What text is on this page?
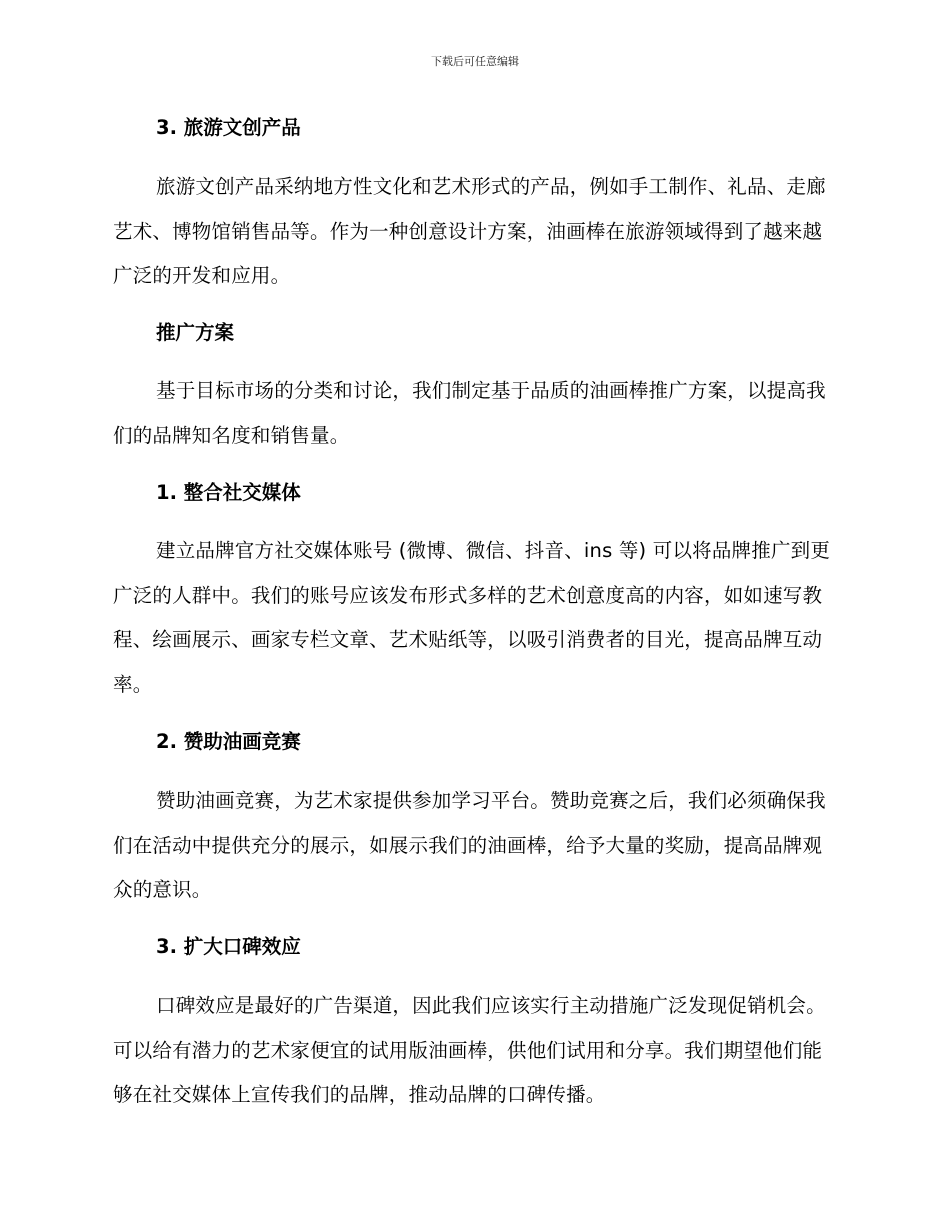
下载后可任意编辑
3. 旅游文创产品

旅游文创产品采纳地方性文化和艺术形式的产品，例如手工制作、礼品、走廊艺术、博物馆销售品等。作为一种创意设计方案，油画棒在旅游领域得到了越来越广泛的开发和应用。

推广方案

基于目标市场的分类和讨论，我们制定基于品质的油画棒推广方案，以提高我们的品牌知名度和销售量。

1. 整合社交媒体

建立品牌官方社交媒体账号 (微博、微信、抖音、ins 等) 可以将品牌推广到更广泛的人群中。我们的账号应该发布形式多样的艺术创意度高的内容，如如速写教程、绘画展示、画家专栏文章、艺术贴纸等，以吸引消费者的目光，提高品牌互动率。

2. 赞助油画竞赛

赞助油画竞赛，为艺术家提供参加学习平台。赞助竞赛之后，我们必须确保我们在活动中提供充分的展示，如展示我们的油画棒，给予大量的奖励，提高品牌观众的意识。

3. 扩大口碑效应

口碑效应是最好的广告渠道，因此我们应该实行主动措施广泛发现促销机会。可以给有潜力的艺术家便宜的试用版油画棒，供他们试用和分享。我们期望他们能够在社交媒体上宣传我们的品牌，推动品牌的口碑传播。
